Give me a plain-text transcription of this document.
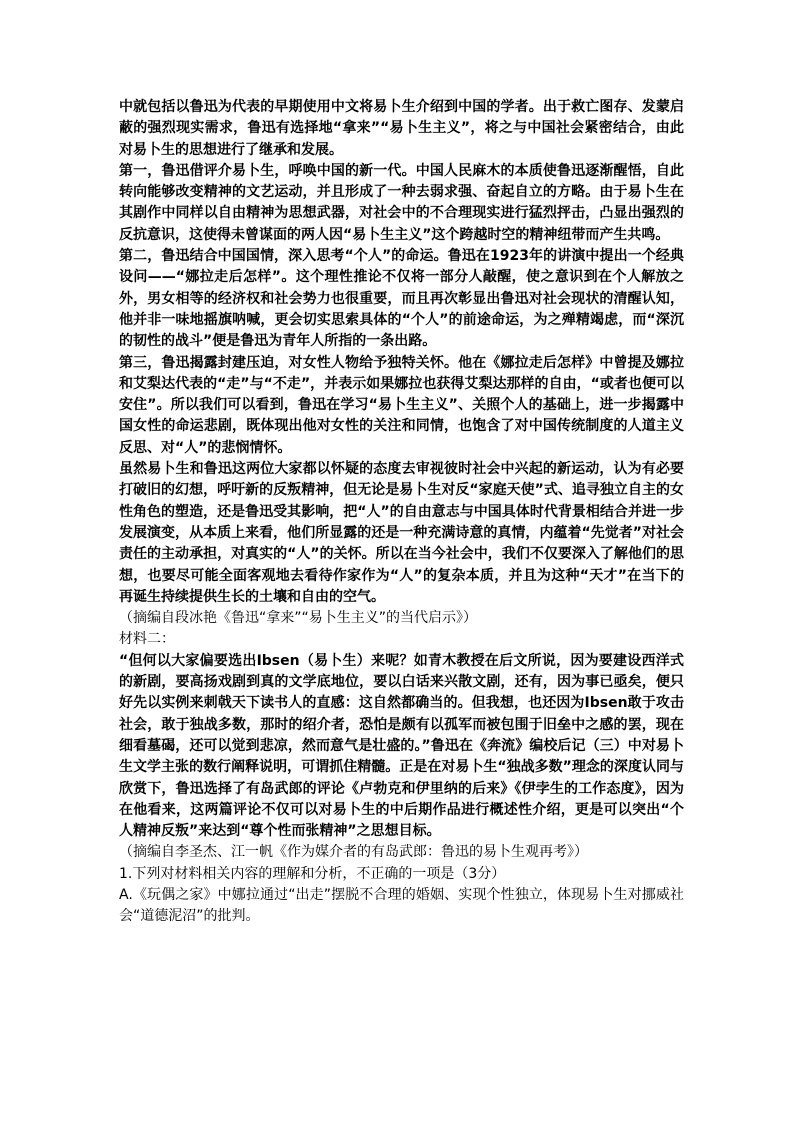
中就包括以鲁迅为代表的早期使用中文将易卜生介绍到中国的学者。出于救亡图存、发蒙启蔽的强烈现实需求，鲁迅有选择地“拿来”“易卜生主义”，将之与中国社会紧密结合，由此对易卜生的思想进行了继承和发展。

第一，鲁迅借评介易卜生，呼唤中国的新一代。中国人民麻木的本质使鲁迅逐渐醒悟，自此转向能够改变精神的文艺运动，并且形成了一种去弱求强、奋起自立的方略。由于易卜生在其剧作中同样以自由精神为思想武器，对社会中的不合理现实进行猛烈抨击，凸显出强烈的反抗意识，这使得未曾谋面的两人因“易卜生主义”这个跨越时空的精神纽带而产生共鸣。

第二，鲁迅结合中国国情，深入思考“个人”的命运。鲁迅在1923年的讲演中提出一个经典设问——“娜拉走后怎样”。这个理性推论不仅将一部分人敲醒，使之意识到在个人解放之外，男女相等的经济权和社会势力也很重要，而且再次彰显出鲁迅对社会现状的清醒认知，他并非一味地摇旗呐喊，更会切实思索具体的“个人”的前途命运，为之殚精竭虑，而“深沉的韧性的战斗”便是鲁迅为青年人所指的一条出路。

第三，鲁迅揭露封建压迫，对女性人物给予独特关怀。他在《娜拉走后怎样》中曾提及娜拉和艾梨达代表的“走”与“不走”，并表示如果娜拉也获得艾梨达那样的自由，“或者也便可以安住”。所以我们可以看到，鲁迅在学习“易卜生主义”、关照个人的基础上，进一步揭露中国女性的命运悲剧，既体现出他对女性的关注和同情，也饱含了对中国传统制度的人道主义反思、对“人”的悲悯情怀。

虽然易卜生和鲁迅这两位大家都以怀疑的态度去审视彼时社会中兴起的新运动，认为有必要打破旧的幻想，呼吁新的反叛精神，但无论是易卜生对反“家庭天使”式、追寻独立自主的女性角色的塑造，还是鲁迅受其影响，把“人”的自由意志与中国具体时代背景相结合并进一步发展演变，从本质上来看，他们所显露的还是一种充满诗意的真情，内蕴着“先觉者”对社会责任的主动承担，对真实的“人”的关怀。所以在当今社会中，我们不仅要深入了解他们的思想，也要尽可能全面客观地去看待作家作为“人”的复杂本质，并且为这种“天才”在当下的再诞生持续提供生长的土壤和自由的空气。

（摘编自段冰艳《鲁迅“拿来”“易卜生主义”的当代启示》）

材料二：

“但何以大家偏要选出Ibsen（易卜生）来呢？如青木教授在后文所说，因为要建设西洋式的新剧，要高扬戏剧到真的文学底地位，要以白话来兴散文剧，还有，因为事已亟矣，便只好先以实例来刺戟天下读书人的直感：这自然都确当的。但我想，也还因为Ibsen敢于攻击社会，敢于独战多数，那时的绍介者，恐怕是颇有以孤军而被包围于旧垒中之感的罢，现在细看墓碣，还可以觉到悲凉，然而意气是壮盛的。”鲁迅在《奔流》编校后记（三）中对易卜生文学主张的数行阐释说明，可谓抓住精髓。正是在对易卜生“独战多数”理念的深度认同与欣赏下，鲁迅选择了有岛武郎的评论《卢勃克和伊里纳的后来》《伊孛生的工作态度》，因为在他看来，这两篇评论不仅可以对易卜生的中后期作品进行概述性介绍，更是可以突出“个人精神反叛”来达到“尊个性而张精神”之思想目标。

（摘编自李圣杰、江一帆《作为媒介者的有岛武郎：鲁迅的易卜生观再考》）

1.下列对材料相关内容的理解和分析，不正确的一项是（3分）

A.《玩偶之家》中娜拉通过“出走”摆脱不合理的婚姻、实现个性独立，体现易卜生对挪威社会“道德泥沼”的批判。
